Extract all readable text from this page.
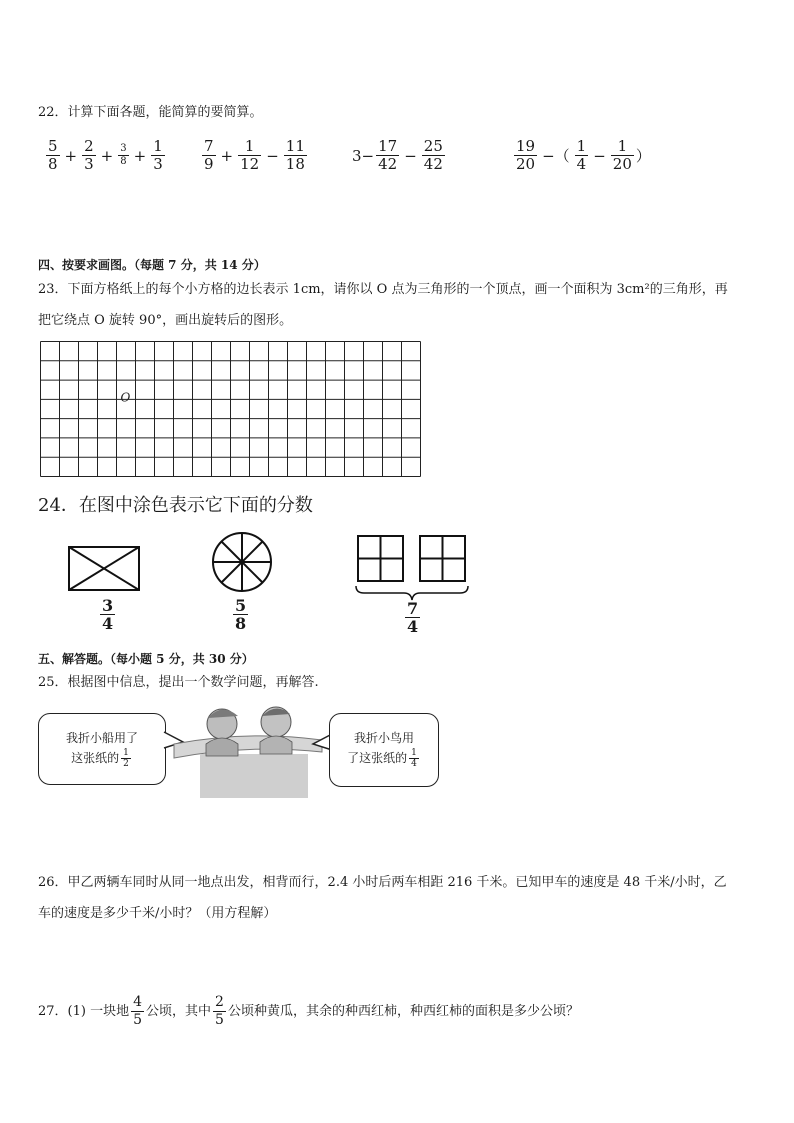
22．计算下面各题，能简算的要简算。
$\frac{5}{8} + \frac{2}{3} + \frac{3}{8} + \frac{1}{3} \frac{7}{9} + \frac{1}{12} - \frac{11}{18}$	$3- \frac{17}{42} - \frac{25}{42}$	$\frac{19}{20}$ −（ $\frac{1}{4} - \frac{1}{20}$ ）
四、按要求画图。（每题 7 分，共 14 分）
23．下面方格纸上的每个小方格的边长表示 1cm，请你以 O 点为三角形的一个顶点，画一个面积为 3cm²的三角形，再
把它绕点 O 旋转 90°，画出旋转后的图形。
O
24．在图中涂色表示它下面的分数
$\frac{3}{4}$	$\frac{5}{8}$	$\frac{7}{4}$
五、解答题。（每小题 5 分，共 30 分）
25．根据图中信息，提出一个数学问题，再解答.
我折小船用了
这张纸的 $\frac{1}{2}$
我折小鸟用
了这张纸的 $\frac{1}{4}$
26．甲乙两辆车同时从同一地点出发，相背而行，2.4 小时后两车相距 216 千米。已知甲车的速度是 48 千米/小时，乙
车的速度是多少千米/小时？（用方程解）
27．(1) 一块地 $\frac{4}{5}$ 公顷，其中 $\frac{2}{5}$ 公顷种黄瓜，其余的种西红柿，种西红柿的面积是多少公顷？
